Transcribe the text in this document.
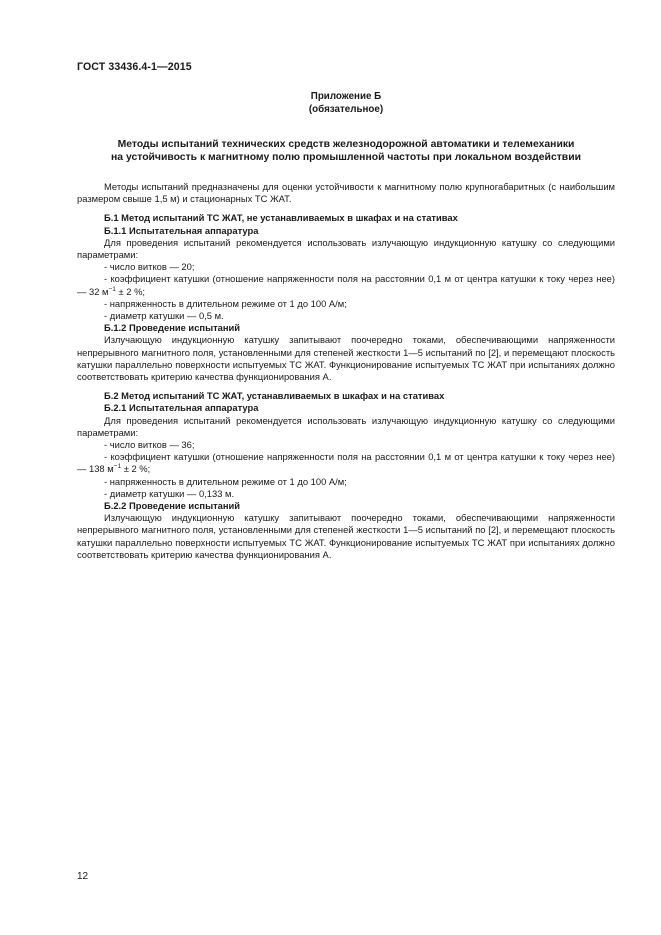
ГОСТ 33436.4-1—2015
Приложение Б
(обязательное)
Методы испытаний технических средств железнодорожной автоматики и телемеханики
на устойчивость к магнитному полю промышленной частоты при локальном воздействии

Методы испытаний предназначены для оценки устойчивости к магнитному полю крупногабаритных (с наибольшим размером свыше 1,5 м) и стационарных ТС ЖАТ.

Б.1 Метод испытаний ТС ЖАТ, не устанавливаемых в шкафах и на стативах

Б.1.1 Испытательная аппаратура

Для проведения испытаний рекомендуется использовать излучающую индукционную катушку со следующими параметрами:

- число витков — 20;

- коэффициент катушки (отношение напряженности поля на расстоянии 0,1 м от центра катушки к току через нее) — 32 $м^{-1} \pm 2$ %;

- напряженность в длительном режиме от 1 до 100 А/м;

- диаметр катушки — 0,5 м.

Б.1.2 Проведение испытаний

Излучающую индукционную катушку запитывают поочередно токами, обеспечивающими напряженности непрерывного магнитного поля, установленными для степеней жесткости 1—5 испытаний по [2], и перемещают плоскость катушки параллельно поверхности испытуемых ТС ЖАТ. Функционирование испытуемых ТС ЖАТ при испытаниях должно соответствовать критерию качества функционирования А.

Б.2 Метод испытаний ТС ЖАТ, устанавливаемых в шкафах и на стативах

Б.2.1 Испытательная аппаратура

Для проведения испытаний рекомендуется использовать излучающую индукционную катушку со следующими параметрами:

- число витков — 36;

- коэффициент катушки (отношение напряженности поля на расстоянии 0,1 м от центра катушки к току через нее) — 138 $м^{-1} \pm 2$ %;

- напряженность в длительном режиме от 1 до 100 А/м;

- диаметр катушки — 0,133 м.

Б.2.2 Проведение испытаний

Излучающую индукционную катушку запитывают поочередно токами, обеспечивающими напряженности непрерывного магнитного поля, установленными для степеней жесткости 1—5 испытаний по [2], и перемещают плоскость катушки параллельно поверхности испытуемых ТС ЖАТ. Функционирование испытуемых ТС ЖАТ при испытаниях должно соответствовать критерию качества функционирования А.

12
